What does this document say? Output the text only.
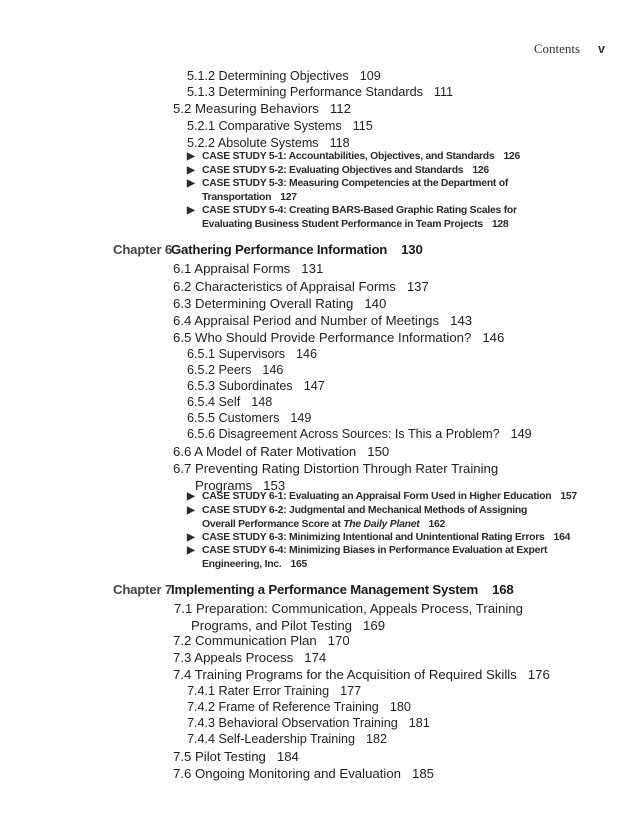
Contents v
5.1.2 Determining Objectives 109
5.1.3 Determining Performance Standards 111
5.2 Measuring Behaviors 112
5.2.1 Comparative Systems 115
5.2.2 Absolute Systems 118
▶ CASE STUDY 5-1: Accountabilities, Objectives, and Standards 126
▶ CASE STUDY 5-2: Evaluating Objectives and Standards 126
▶ CASE STUDY 5-3: Measuring Competencies at the Department of
Transportation 127
▶ CASE STUDY 5-4: Creating BARS-Based Graphic Rating Scales for
Evaluating Business Student Performance in Team Projects 128
Chapter 6
Gathering Performance Information 130
6.1 Appraisal Forms 131
6.2 Characteristics of Appraisal Forms 137
6.3 Determining Overall Rating 140
6.4 Appraisal Period and Number of Meetings 143
6.5 Who Should Provide Performance Information? 146
6.5.1 Supervisors 146
6.5.2 Peers 146
6.5.3 Subordinates 147
6.5.4 Self 148
6.5.5 Customers 149
6.5.6 Disagreement Across Sources: Is This a Problem? 149
6.6 A Model of Rater Motivation 150
6.7 Preventing Rating Distortion Through Rater Training
Programs 153
▶ CASE STUDY 6-1: Evaluating an Appraisal Form Used in Higher Education 157
▶ CASE STUDY 6-2: Judgmental and Mechanical Methods of Assigning
Overall Performance Score at The Daily Planet 162
▶ CASE STUDY 6-3: Minimizing Intentional and Unintentional Rating Errors 164
▶ CASE STUDY 6-4: Minimizing Biases in Performance Evaluation at Expert
Engineering, Inc. 165
Chapter 7
Implementing a Performance Management System 168
7.1 Preparation: Communication, Appeals Process, Training
Programs, and Pilot Testing 169
7.2 Communication Plan 170
7.3 Appeals Process 174
7.4 Training Programs for the Acquisition of Required Skills 176
7.4.1 Rater Error Training 177
7.4.2 Frame of Reference Training 180
7.4.3 Behavioral Observation Training 181
7.4.4 Self-Leadership Training 182
7.5 Pilot Testing 184
7.6 Ongoing Monitoring and Evaluation 185
